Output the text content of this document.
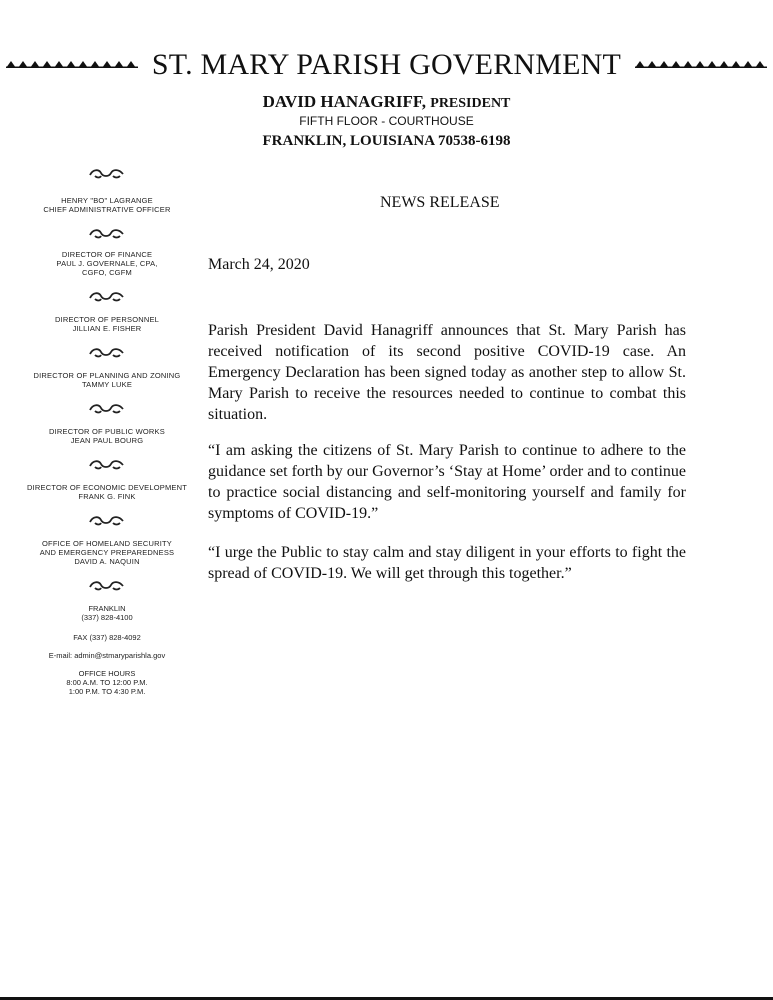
ST. MARY PARISH GOVERNMENT
DAVID HANAGRIFF, PRESIDENT
FIFTH FLOOR - COURTHOUSE
FRANKLIN, LOUISIANA 70538-6198
HENRY "BO" LAGRANGE
CHIEF ADMINISTRATIVE OFFICER
DIRECTOR OF FINANCE
PAUL J. GOVERNALE, CPA,
CGFO, CGFM
DIRECTOR OF PERSONNEL
JILLIAN E. FISHER
DIRECTOR OF PLANNING AND ZONING
TAMMY LUKE
DIRECTOR OF PUBLIC WORKS
JEAN PAUL BOURG
DIRECTOR OF ECONOMIC DEVELOPMENT
FRANK G. FINK
OFFICE OF HOMELAND SECURITY
AND EMERGENCY PREPAREDNESS
DAVID A. NAQUIN
FRANKLIN
(337) 828-4100
FAX (337) 828-4092
E-mail: admin@stmaryparishla.gov
OFFICE HOURS
8:00 A.M. TO 12:00 P.M.
1:00 P.M. TO 4:30 P.M.
NEWS RELEASE
March 24, 2020

Parish President David Hanagriff announces that St. Mary Parish has received notification of its second positive COVID-19 case. An Emergency Declaration has been signed today as another step to allow St. Mary Parish to receive the resources needed to continue to combat this situation.

“I am asking the citizens of St. Mary Parish to continue to adhere to the guidance set forth by our Governor’s ‘Stay at Home’ order and to continue to practice social distancing and self-monitoring yourself and family for symptoms of COVID-19.”

“I urge the Public to stay calm and stay diligent in your efforts to fight the spread of COVID-19. We will get through this together.”
